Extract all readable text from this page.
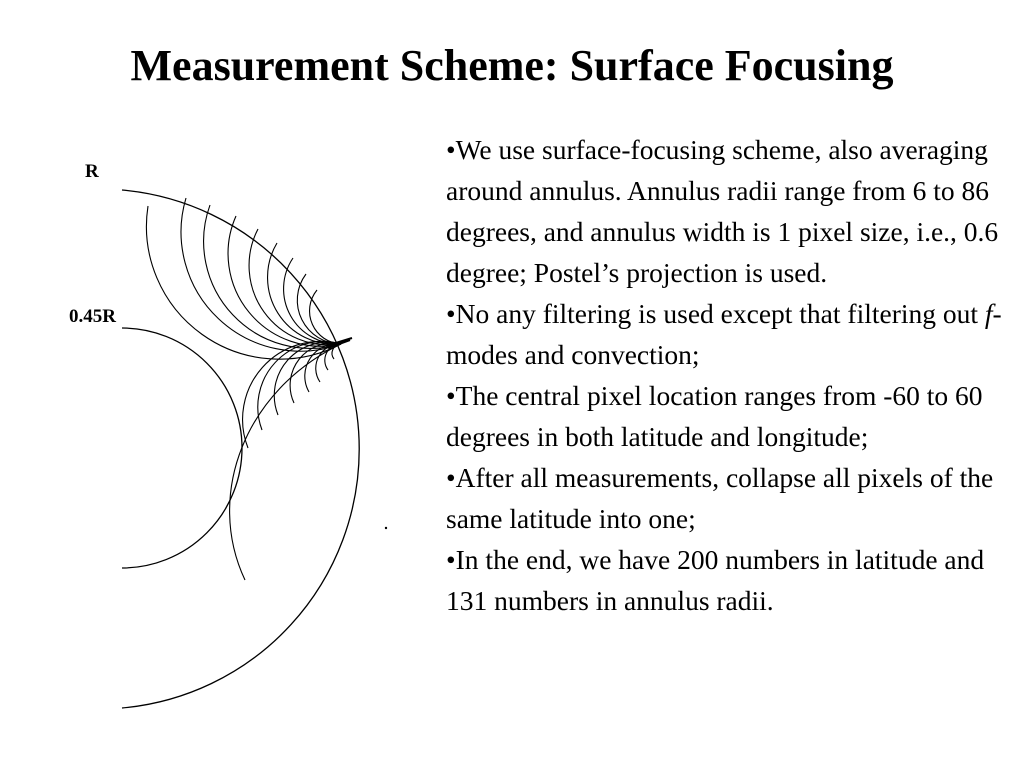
Measurement Scheme: Surface Focusing
R
0.45R
• We use surface-focusing scheme, also averaging around annulus. Annulus radii range from 6 to 86 degrees, and annulus width is 1 pixel size, i.e., 0.6 degree; Postel’s projection is used.
• No any filtering is used except that filtering out f-modes and convection;
• The central pixel location ranges from -60 to 60 degrees in both latitude and longitude;
• After all measurements, collapse all pixels of the same latitude into one;
• In the end, we have 200 numbers in latitude and 131 numbers in annulus radii.
